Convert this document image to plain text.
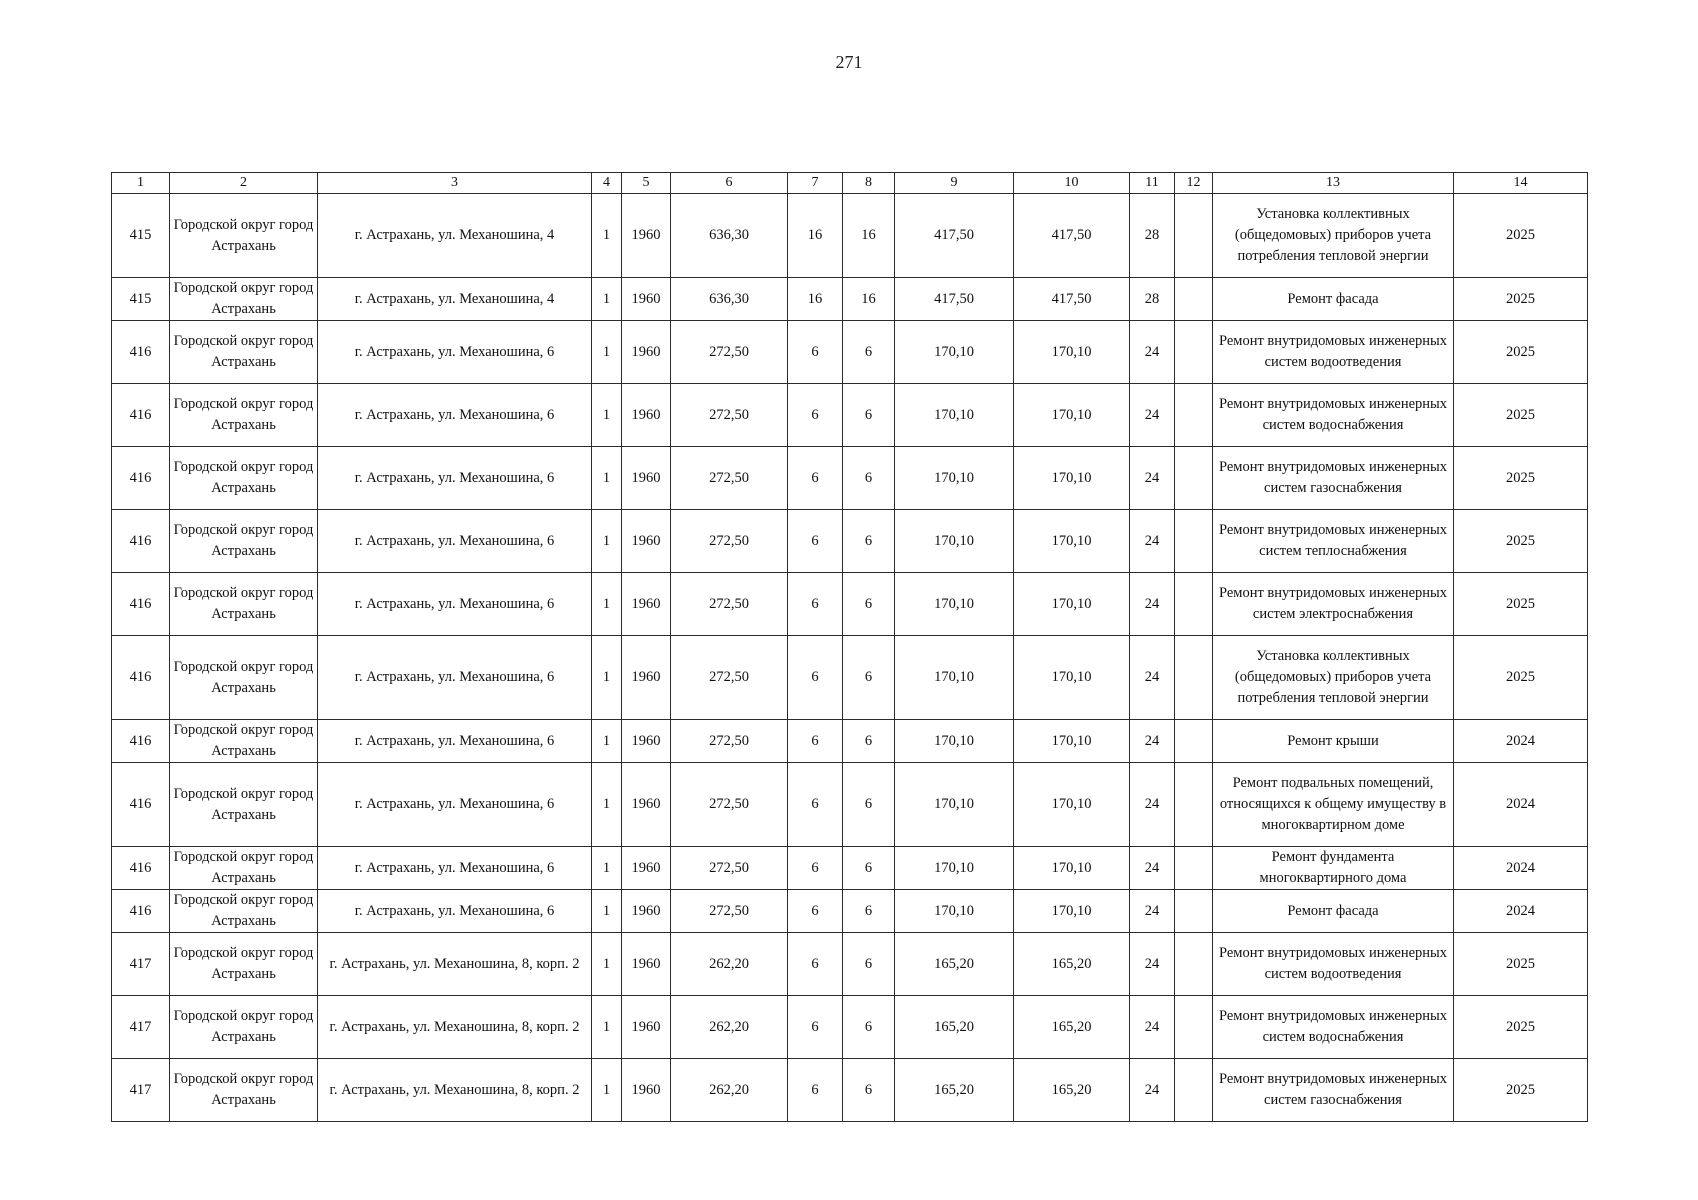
271
1	2	3	4	5	6	7	8	9	10	11	12	13	14
415	Городской округ город Астрахань	г. Астрахань, ул. Механошина, 4	1	1960	636,30	16	16	417,50	417,50	28		Установка коллективных (общедомовых) приборов учета потребления тепловой энергии	2025
415	Городской округ город Астрахань	г. Астрахань, ул. Механошина, 4	1	1960	636,30	16	16	417,50	417,50	28		Ремонт фасада	2025
416	Городской округ город Астрахань	г. Астрахань, ул. Механошина, 6	1	1960	272,50	6	6	170,10	170,10	24		Ремонт внутридомовых инженерных систем водоотведения	2025
416	Городской округ город Астрахань	г. Астрахань, ул. Механошина, 6	1	1960	272,50	6	6	170,10	170,10	24		Ремонт внутридомовых инженерных систем водоснабжения	2025
416	Городской округ город Астрахань	г. Астрахань, ул. Механошина, 6	1	1960	272,50	6	6	170,10	170,10	24		Ремонт внутридомовых инженерных систем газоснабжения	2025
416	Городской округ город Астрахань	г. Астрахань, ул. Механошина, 6	1	1960	272,50	6	6	170,10	170,10	24		Ремонт внутридомовых инженерных систем теплоснабжения	2025
416	Городской округ город Астрахань	г. Астрахань, ул. Механошина, 6	1	1960	272,50	6	6	170,10	170,10	24		Ремонт внутридомовых инженерных систем электроснабжения	2025
416	Городской округ город Астрахань	г. Астрахань, ул. Механошина, 6	1	1960	272,50	6	6	170,10	170,10	24		Установка коллективных (общедомовых) приборов учета потребления тепловой энергии	2025
416	Городской округ город Астрахань	г. Астрахань, ул. Механошина, 6	1	1960	272,50	6	6	170,10	170,10	24		Ремонт крыши	2024
416	Городской округ город Астрахань	г. Астрахань, ул. Механошина, 6	1	1960	272,50	6	6	170,10	170,10	24		Ремонт подвальных помещений, относящихся к общему имуществу в многоквартирном доме	2024
416	Городской округ город Астрахань	г. Астрахань, ул. Механошина, 6	1	1960	272,50	6	6	170,10	170,10	24		Ремонт фундамента многоквартирного дома	2024
416	Городской округ город Астрахань	г. Астрахань, ул. Механошина, 6	1	1960	272,50	6	6	170,10	170,10	24		Ремонт фасада	2024
417	Городской округ город Астрахань	г. Астрахань, ул. Механошина, 8, корп. 2	1	1960	262,20	6	6	165,20	165,20	24		Ремонт внутридомовых инженерных систем водоотведения	2025
417	Городской округ город Астрахань	г. Астрахань, ул. Механошина, 8, корп. 2	1	1960	262,20	6	6	165,20	165,20	24		Ремонт внутридомовых инженерных систем водоснабжения	2025
417	Городской округ город Астрахань	г. Астрахань, ул. Механошина, 8, корп. 2	1	1960	262,20	6	6	165,20	165,20	24		Ремонт внутридомовых инженерных систем газоснабжения	2025
